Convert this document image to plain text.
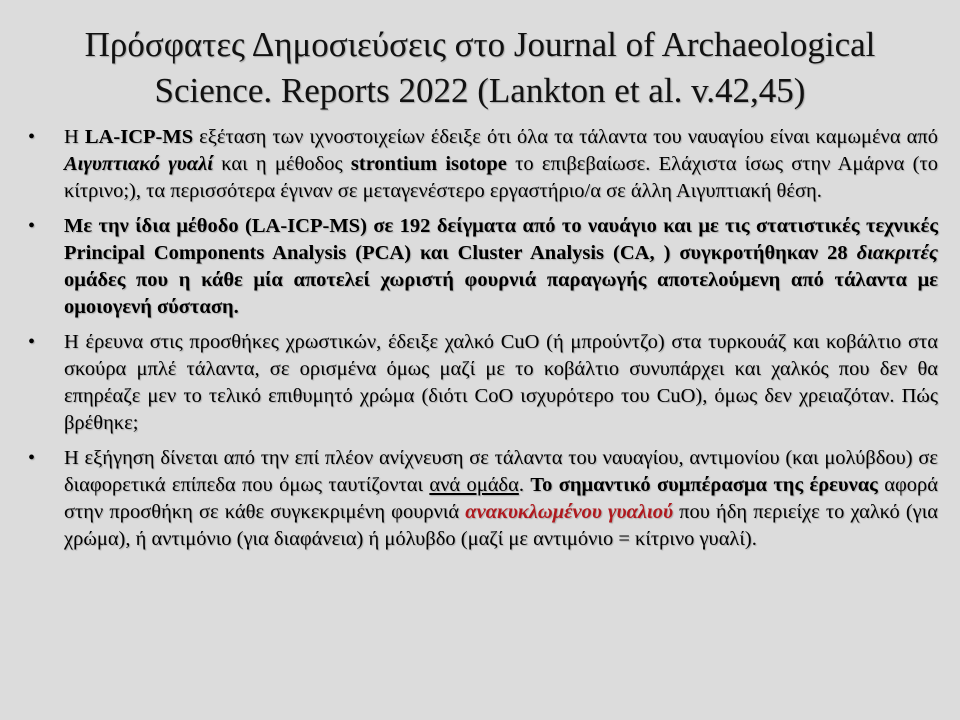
Πρόσφατες Δημοσιεύσεις στο Journal of Archaeological
Science. Reports 2022 (Lankton et al. v.42,45)
• Η LA-ICP-MS εξέταση των ιχνοστοιχείων έδειξε ότι όλα τα τάλαντα του ναυαγίου είναι καμωμένα από Αιγυπτιακό γυαλί και η μέθοδος strontium isotope το επιβεβαίωσε. Ελάχιστα ίσως στην Αμάρνα (το κίτρινο;), τα περισσότερα έγιναν σε μεταγενέστερο εργαστήριο/α σε άλλη Αιγυπτιακή θέση.
• Με την ίδια μέθοδο (LA-ICP-MS) σε 192 δείγματα από το ναυάγιο και με τις στατιστικές τεχνικές Principal Components Analysis (PCA) και Cluster Analysis (CA, ) συγκροτήθηκαν 28 διακριτές ομάδες που η κάθε μία αποτελεί χωριστή φουρνιά παραγωγής αποτελούμενη από τάλαντα με ομοιογενή σύσταση.
• Η έρευνα στις προσθήκες χρωστικών, έδειξε χαλκό CuO (ή μπρούντζο) στα τυρκουάζ και κοβάλτιο στα σκούρα μπλέ τάλαντα, σε ορισμένα όμως μαζί με το κοβάλτιο συνυπάρχει και χαλκός που δεν θα επηρέαζε μεν το τελικό επιθυμητό χρώμα (διότι CoO ισχυρότερο του CuO), όμως δεν χρειαζόταν. Πώς βρέθηκε;
• Η εξήγηση δίνεται από την επί πλέον ανίχνευση σε τάλαντα του ναυαγίου, αντιμονίου (και μολύβδου) σε διαφορετικά επίπεδα που όμως ταυτίζονται ανά ομάδα. Το σημαντικό συμπέρασμα της έρευνας αφορά στην προσθήκη σε κάθε συγκεκριμένη φουρνιά ανακυκλωμένου γυαλιού που ήδη περιείχε το χαλκό (για χρώμα), ή αντιμόνιο (για διαφάνεια) ή μόλυβδο (μαζί με αντιμόνιο = κίτρινο γυαλί).
